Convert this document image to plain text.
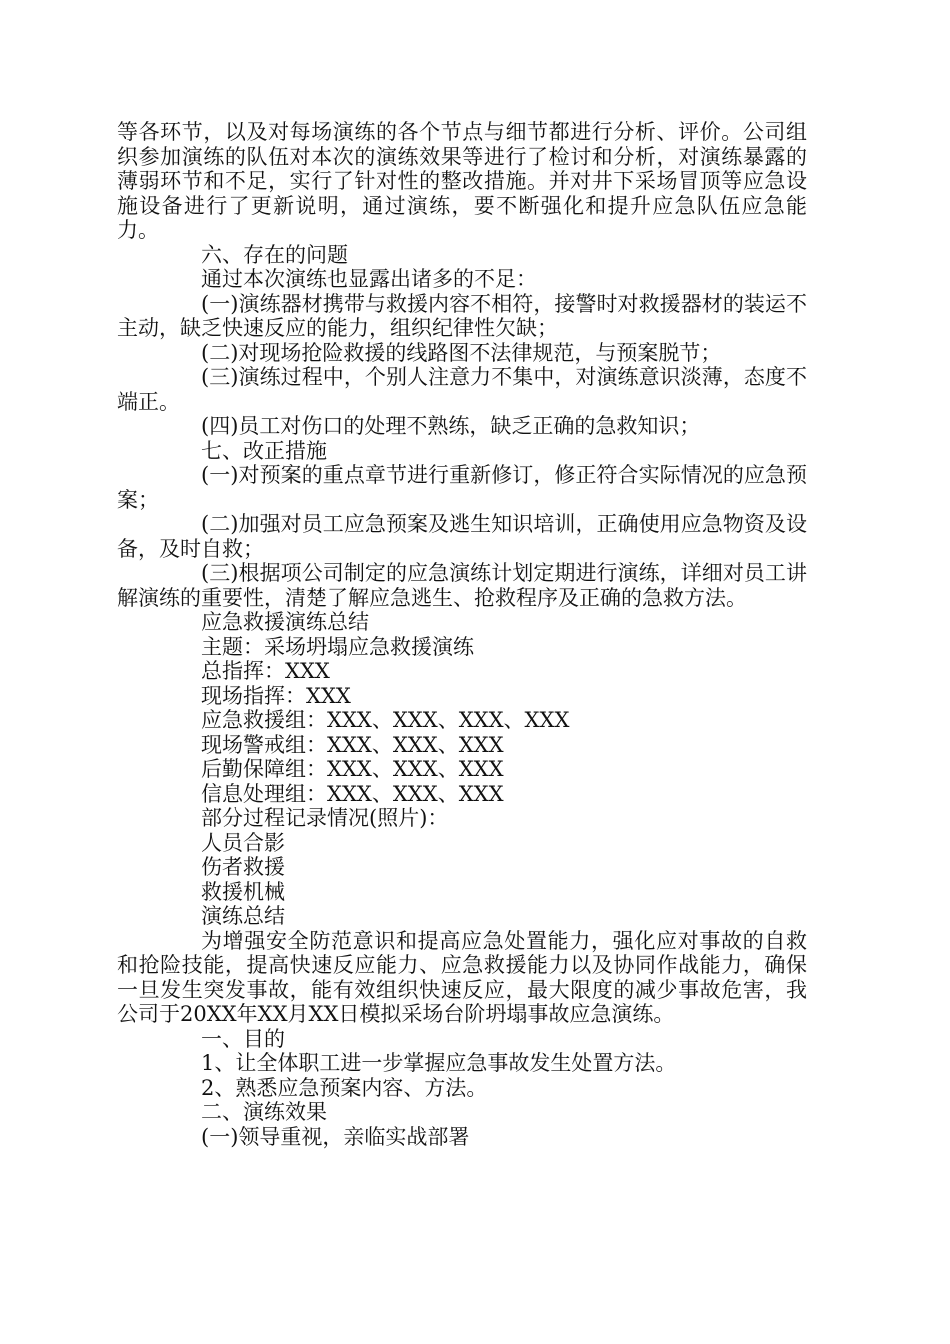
等各环节，以及对每场演练的各个节点与细节都进行分析、评价。公司组织参加演练的队伍对本次的演练效果等进行了检讨和分析，对演练暴露的薄弱环节和不足，实行了针对性的整改措施。并对井下采场冒顶等应急设施设备进行了更新说明，通过演练，要不断强化和提升应急队伍应急能力。

六、存在的问题

通过本次演练也显露出诸多的不足：

(一)演练器材携带与救援内容不相符，接警时对救援器材的装运不主动，缺乏快速反应的能力，组织纪律性欠缺；

(二)对现场抢险救援的线路图不法律规范，与预案脱节；

(三)演练过程中，个别人注意力不集中，对演练意识淡薄，态度不端正。

(四)员工对伤口的处理不熟练，缺乏正确的急救知识；

七、改正措施

(一)对预案的重点章节进行重新修订，修正符合实际情况的应急预案；

(二)加强对员工应急预案及逃生知识培训，正确使用应急物资及设备，及时自救；

(三)根据项公司制定的应急演练计划定期进行演练，详细对员工讲解演练的重要性，清楚了解应急逃生、抢救程序及正确的急救方法。

应急救援演练总结

主题：采场坍塌应急救援演练

总指挥：XXX

现场指挥：XXX

应急救援组：XXX、XXX、XXX、XXX

现场警戒组：XXX、XXX、XXX

后勤保障组：XXX、XXX、XXX

信息处理组：XXX、XXX、XXX

部分过程记录情况(照片)：

人员合影

伤者救援

救援机械

演练总结

为增强安全防范意识和提高应急处置能力，强化应对事故的自救和抢险技能，提高快速反应能力、应急救援能力以及协同作战能力，确保一旦发生突发事故，能有效组织快速反应，最大限度的减少事故危害，我公司于20XX年XX月XX日模拟采场台阶坍塌事故应急演练。

一、目的

1、让全体职工进一步掌握应急事故发生处置方法。

2、熟悉应急预案内容、方法。

二、演练效果

(一)领导重视，亲临实战部署
